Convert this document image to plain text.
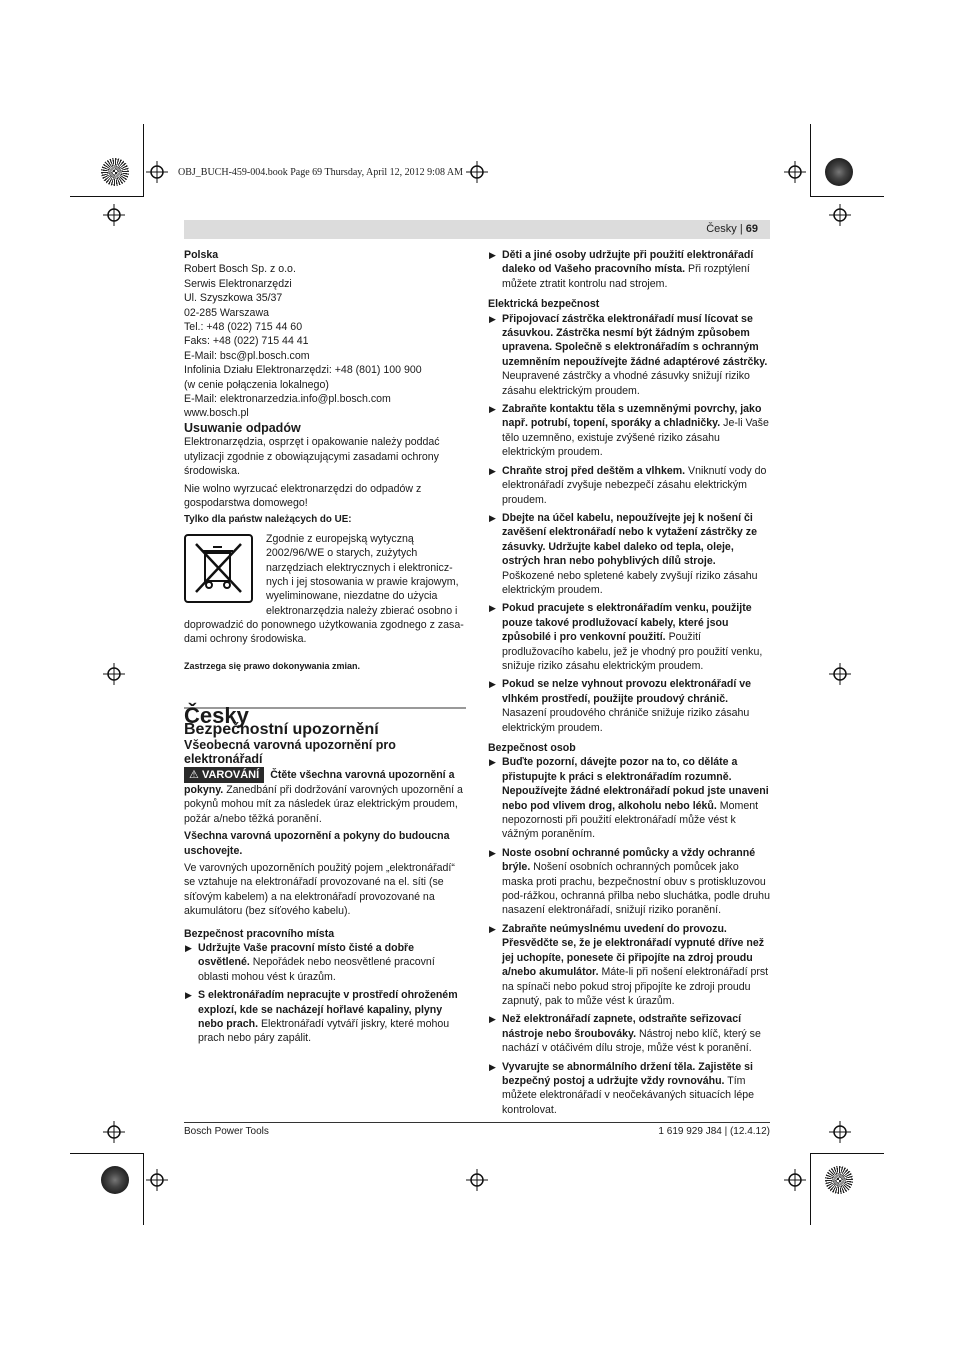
OBJ_BUCH-459-004.book Page 69 Thursday, April 12, 2012 9:08 AM
Česky | 69

Polska

Robert Bosch Sp. z o.o.

Serwis Elektronarzędzi

Ul. Szyszkowa 35/37

02-285 Warszawa

Tel.: +48 (022) 715 44 60

Faks: +48 (022) 715 44 41

E-Mail: bsc@pl.bosch.com

Infolinia Działu Elektronarzędzi: +48 (801) 100 900

(w cenie połączenia lokalnego)

E-Mail: elektronarzedzia.info@pl.bosch.com

www.bosch.pl

Usuwanie odpadów

Elektronarzędzia, osprzęt i opakowanie należy poddać utylizacji zgodnie z obowiązującymi zasadami ochrony środowiska.

Nie wolno wyrzucać elektronarzędzi do odpadów z gospodarstwa domowego!

Tylko dla państw należących do UE:

Zgodnie z europejską wytyczną 2002/96/WE o starych, zużytych narzędziach elektrycznych i elektronicz-nych i jej stosowania w prawie krajowym, wyeliminowane, niezdatne do użycia elektronarzędzia należy zbierać osobno i

doprowadzić do ponownego użytkowania zgodnego z zasa-dami ochrony środowiska.

Zastrzega się prawo dokonywania zmian.

Česky

Bezpečnostní upozornění

Všeobecná varovná upozornění pro elektronářadí

⚠ VAROVÁNÍ Čtěte všechna varovná upozornění a pokyny. Zanedbání při dodržování varovných upozornění a pokynů mohou mít za následek úraz elektrickým proudem, požár a/nebo těžká poranění.

Všechna varovná upozornění a pokyny do budoucna uschovejte.

Ve varovných upozorněních použitý pojem „elektronářadí“ se vztahuje na elektronářadí provozované na el. síti (se síťovým kabelem) a na elektronářadí provozované na akumulátoru (bez síťového kabelu).

Bezpečnost pracovního místa

▶ Udržujte Vaše pracovní místo čisté a dobře osvětlené. Nepořádek nebo neosvětlené pracovní oblasti mohou vést k úrazům.
▶ S elektronářadím nepracujte v prostředí ohroženém explozí, kde se nacházejí hořlavé kapaliny, plyny nebo prach. Elektronářadí vytváří jiskry, které mohou prach nebo páry zapálit.
▶ Děti a jiné osoby udržujte při použití elektronářadí daleko od Vašeho pracovního místa. Při rozptýlení můžete ztratit kontrolu nad strojem.

Elektrická bezpečnost

▶ Připojovací zástrčka elektronářadí musí lícovat se zásuvkou. Zástrčka nesmí být žádným způsobem upravena. Společně s elektronářadím s ochranným uzemněním nepoužívejte žádné adaptérové zástrčky. Neupravené zástrčky a vhodné zásuvky snižují riziko zásahu elektrickým proudem.
▶ Zabraňte kontaktu těla s uzemněnými povrchy, jako např. potrubí, topení, sporáky a chladničky. Je-li Vaše tělo uzemněno, existuje zvýšené riziko zásahu elektrickým proudem.
▶ Chraňte stroj před deštěm a vlhkem. Vniknutí vody do elektronářadí zvyšuje nebezpečí zásahu elektrickým proudem.
▶ Dbejte na účel kabelu, nepoužívejte jej k nošení či zavěšení elektronářadí nebo k vytažení zástrčky ze zásuvky. Udržujte kabel daleko od tepla, oleje, ostrých hran nebo pohyblivých dílů stroje. Poškozené nebo spletené kabely zvyšují riziko zásahu elektrickým proudem.
▶ Pokud pracujete s elektronářadím venku, použijte pouze takové prodlužovací kabely, které jsou způsobilé i pro venkovní použití. Použití prodlužovacího kabelu, jež je vhodný pro použití venku, snižuje riziko zásahu elektrickým proudem.
▶ Pokud se nelze vyhnout provozu elektronářadí ve vlhkém prostředí, použijte proudový chránič. Nasazení proudového chrániče snižuje riziko zásahu elektrickým proudem.

Bezpečnost osob

▶ Buďte pozorní, dávejte pozor na to, co děláte a přistupujte k práci s elektronářadím rozumně. Nepoužívejte žádné elektronářadí pokud jste unaveni nebo pod vlivem drog, alkoholu nebo léků. Moment nepozornosti při použití elektronářadí může vést k vážným poraněním.
▶ Noste osobní ochranné pomůcky a vždy ochranné brýle. Nošení osobních ochranných pomůcek jako maska proti prachu, bezpečnostní obuv s protiskluzovou pod-rážkou, ochranná přilba nebo sluchátka, podle druhu nasazení elektronářadí, snižují riziko poranění.
▶ Zabraňte neúmyslnému uvedení do provozu. Přesvědčte se, že je elektronářadí vypnuté dříve než jej uchopíte, ponesete či připojíte na zdroj proudu a/nebo akumulátor. Máte-li při nošení elektronářadí prst na spínači nebo pokud stroj připojíte ke zdroji proudu zapnutý, pak to může vést k úrazům.
▶ Než elektronářadí zapnete, odstraňte seřizovací nástroje nebo šroubováky. Nástroj nebo klíč, který se nachází v otáčivém dílu stroje, může vést k poranění.
▶ Vyvarujte se abnormálního držení těla. Zajistěte si bezpečný postoj a udržujte vždy rovnováhu. Tím můžete elektronářadí v neočekávaných situacích lépe kontrolovat.
Bosch Power Tools	1 619 929 J84 | (12.4.12)
